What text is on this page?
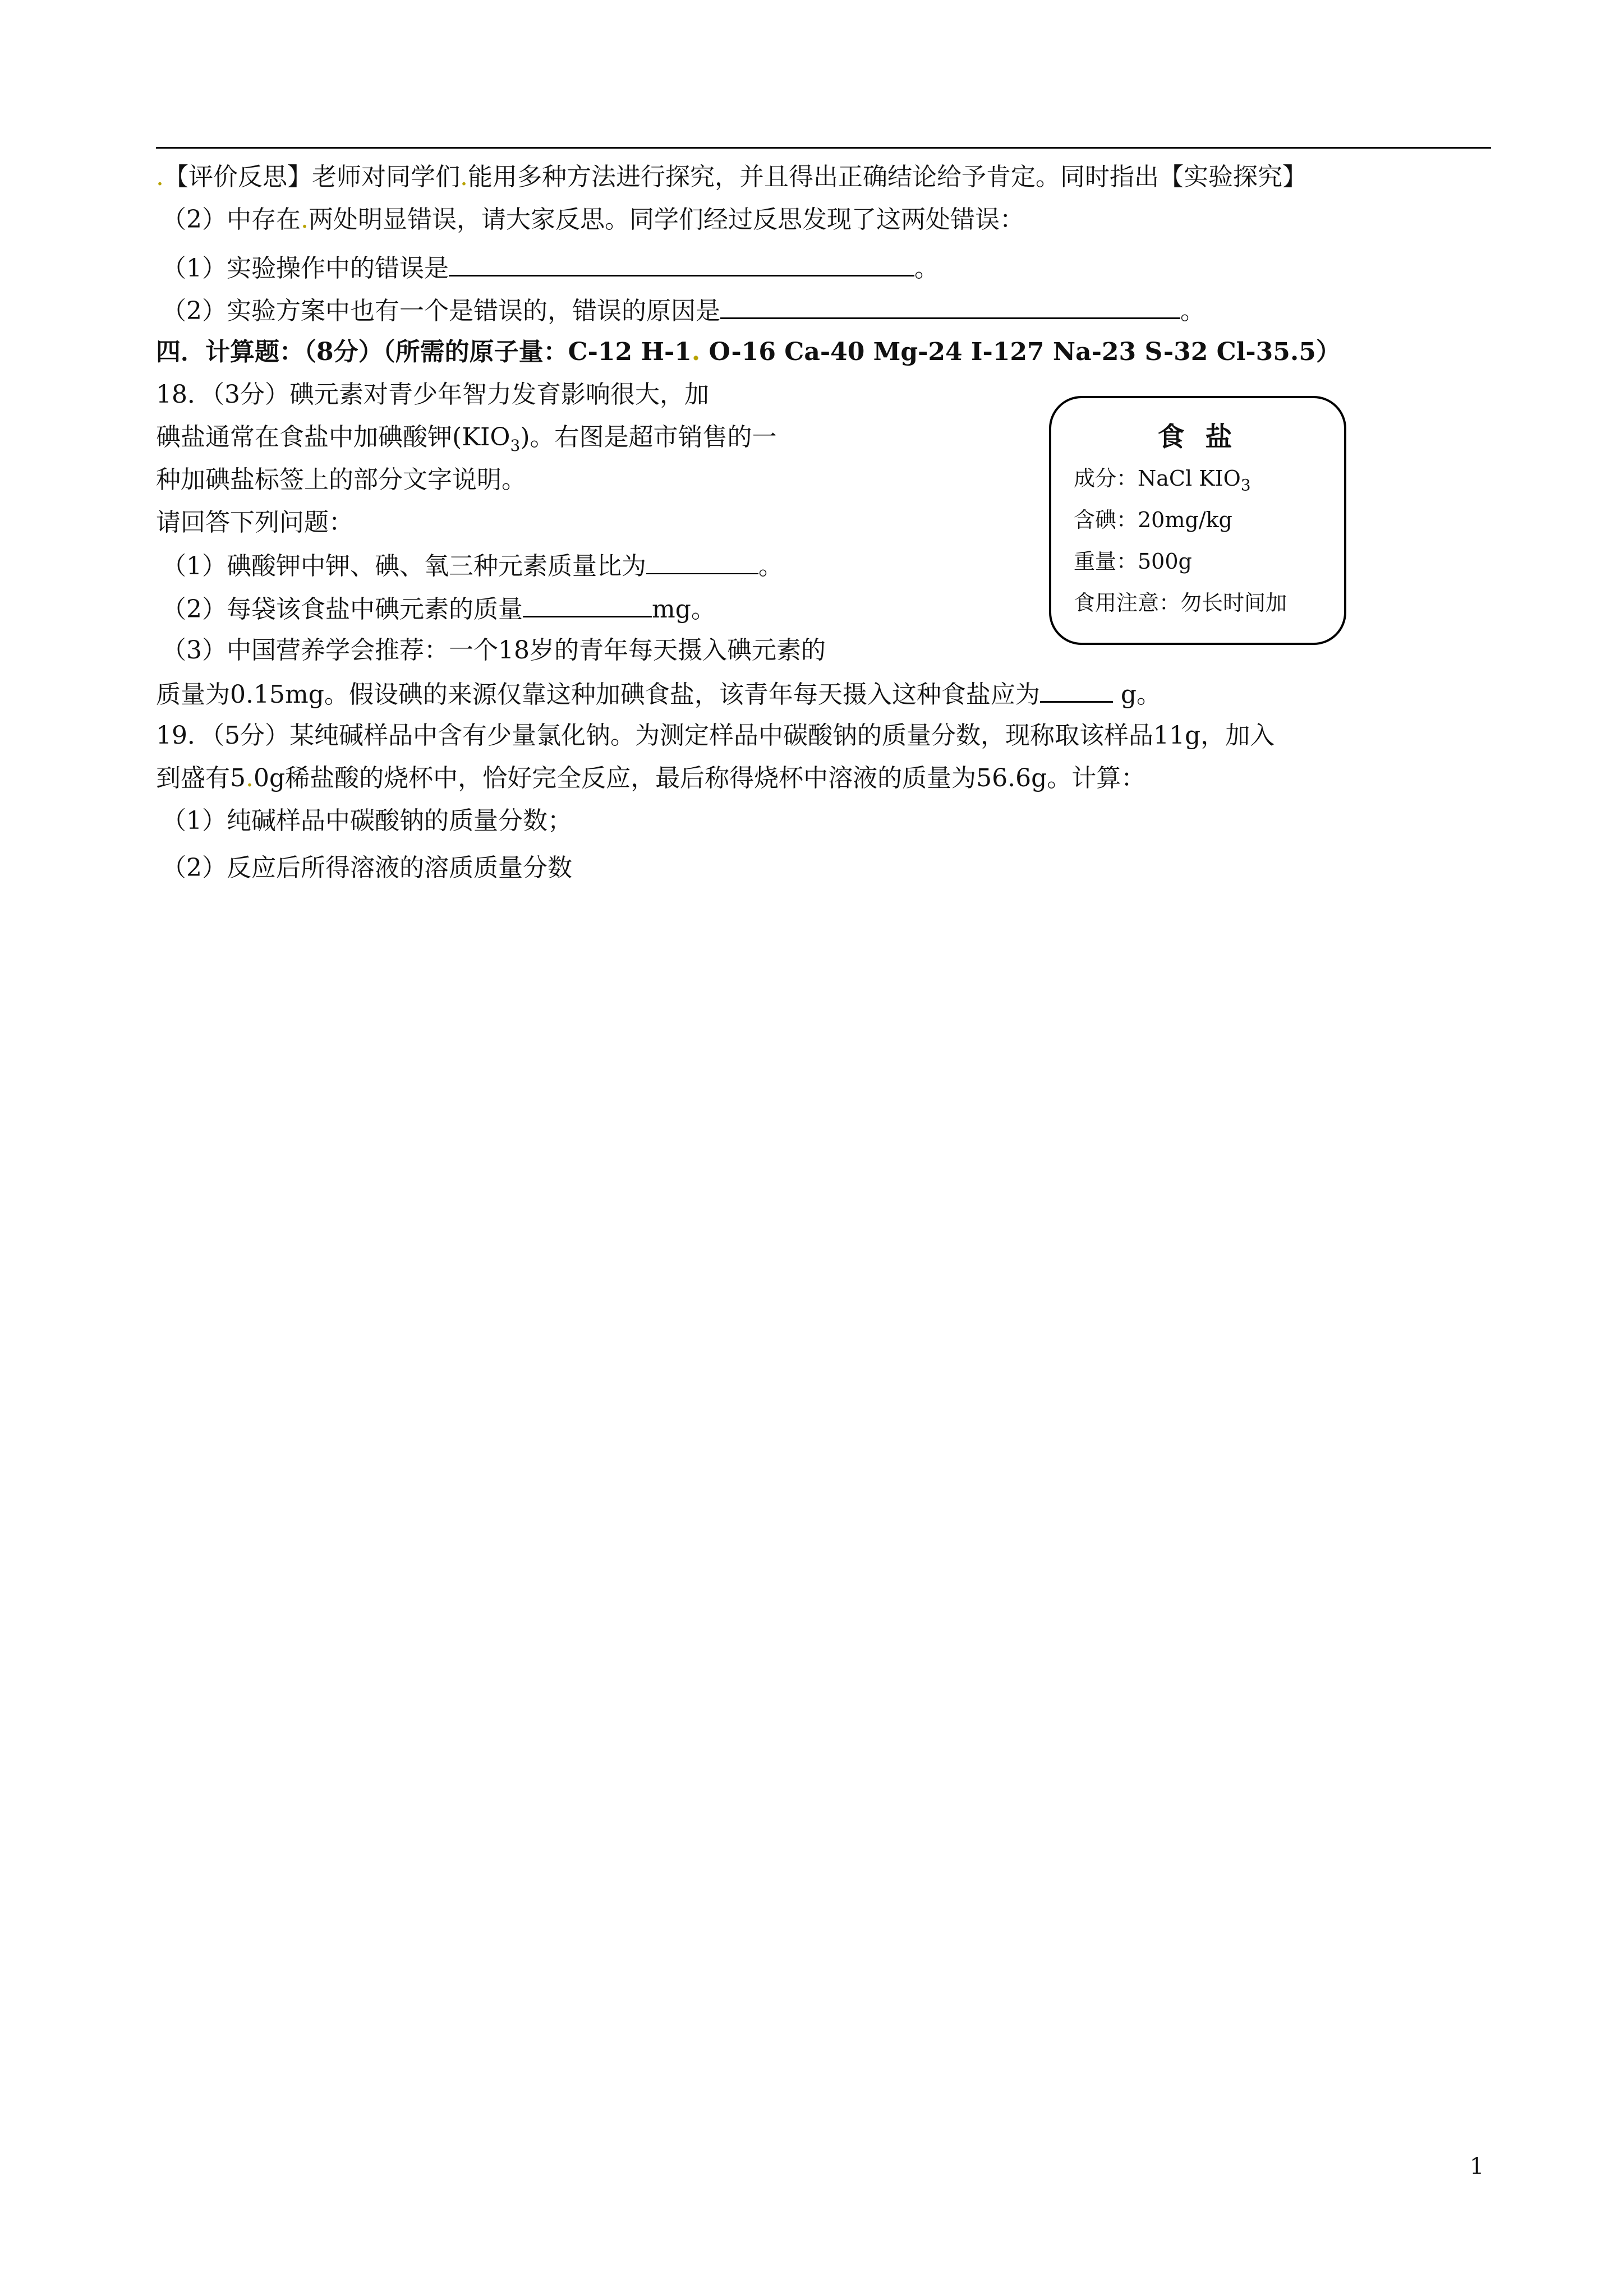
.【评价反思】老师对同学们.能用多种方法进行探究，并且得出正确结论给予肯定。同时指出【实验探究】
（2）中存在.两处明显错误，请大家反思。同学们经过反思发现了这两处错误：
（1）实验操作中的错误是	。
（2）实验方案中也有一个是错误的，错误的原因是	。
四．计算题：（8分）（所需的原子量：C-12 H-1. O-16 Ca-40 Mg-24 I-127 Na-23 S-32 Cl-35.5）
18．（3分）碘元素对青少年智力发育影响很大，加
碘盐通常在食盐中加碘酸钾$(KIO_3)$。右图是超市销售的一
种加碘盐标签上的部分文字说明。
请回答下列问题：
（1）碘酸钾中钾、碘、氧三种元素质量比为	。
（2）每袋该食盐中碘元素的质量	mg。
（3）中国营养学会推荐：一个18岁的青年每天摄入碘元素的
质量为0.15mg。假设碘的来源仅靠这种加碘食盐，该青年每天摄入这种食盐应为	g。
食 盐
成分：NaCl $KIO_3$
含碘：20mg/kg
重量：500g
食用注意：勿长时间加
19．（5分）某纯碱样品中含有少量氯化钠。为测定样品中碳酸钠的质量分数，现称取该样品11g，加入
到盛有5.0g稀盐酸的烧杯中，恰好完全反应，最后称得烧杯中溶液的质量为56.6g。计算：
（1）纯碱样品中碳酸钠的质量分数；
（2）反应后所得溶液的溶质质量分数
1
